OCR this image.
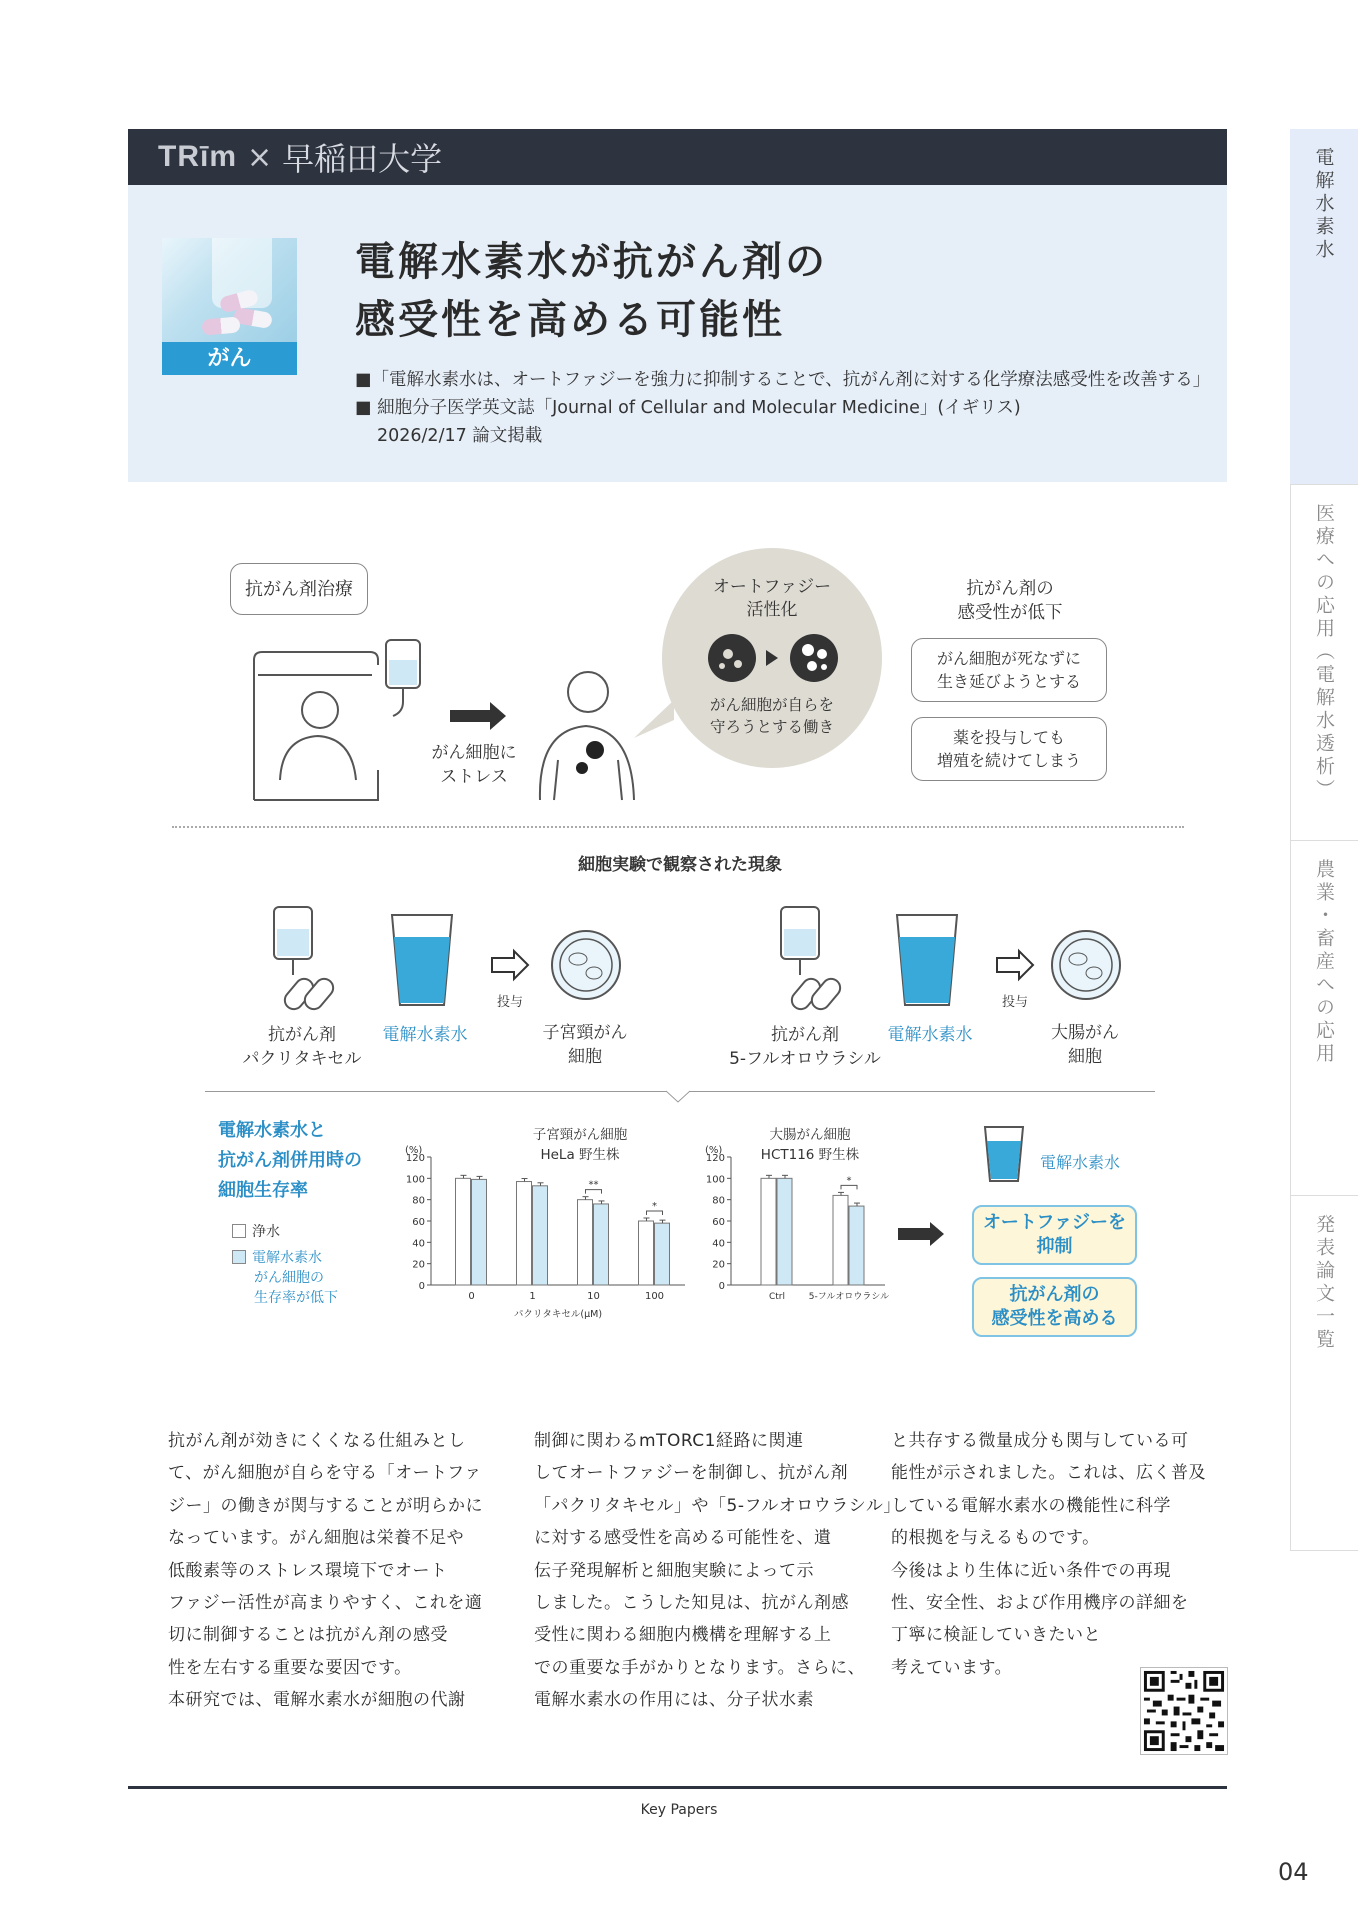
TRīm × 早稲田大学
がん
電解水素水が抗がん剤の
感受性を高める可能性
■「電解水素水は、オートファジーを強力に抑制することで、抗がん剤に対する化学療法感受性を改善する」
■ 細胞分子医学英文誌「Journal of Cellular and Molecular Medicine」(イギリス)
2026/2/17 論文掲載
電解水素水
医療への応用（電解水透析）
農業・畜産への応用
発表論文一覧
抗がん剤治療
がん細胞に
ストレス
オートファジー
活性化
がん細胞が自らを
守ろうとする働き
抗がん剤の
感受性が低下
がん細胞が死なずに
生き延びようとする
薬を投与しても
増殖を続けてしまう
細胞実験で観察された現象
抗がん剤
パクリタキセル
電解水素水
投与
子宮頸がん
細胞
抗がん剤
5-フルオロウラシル
電解水素水
投与
大腸がん
細胞
電解水素水と
抗がん剤併用時の
細胞生存率
浄水
電解水素水
がん細胞の
生存率が低下
子宮頸がん細胞
HeLa 野生株
大腸がん細胞
HCT116 野生株
(%)
0
20
40
60
80
100
120
0	1
**
10
*
100
パクリタキセル(μM)
(%)
0
20
40
60
80
100
120
Ctrl
*
5-フルオロウラシル
電解水素水
オートファジーを
抑制
抗がん剤の
感受性を高める
抗がん剤が効きにくくなる仕組みとし
て、がん細胞が自らを守る「オートファ
ジー」の働きが関与することが明らかに
なっています。がん細胞は栄養不足や
低酸素等のストレス環境下でオート
ファジー活性が高まりやすく、これを適
切に制御することは抗がん剤の感受
性を左右する重要な要因です。
本研究では、電解水素水が細胞の代謝
制御に関わるmTORC1経路に関連
してオートファジーを制御し、抗がん剤
「パクリタキセル」や「5-フルオロウラシル」
に対する感受性を高める可能性を、遺
伝子発現解析と細胞実験によって示
しました。こうした知見は、抗がん剤感
受性に関わる細胞内機構を理解する上
での重要な手がかりとなります。さらに、
電解水素水の作用には、分子状水素
と共存する微量成分も関与している可
能性が示されました。これは、広く普及
している電解水素水の機能性に科学
的根拠を与えるものです。
今後はより生体に近い条件での再現
性、安全性、および作用機序の詳細を
丁寧に検証していきたいと
考えています。
Key Papers
04
